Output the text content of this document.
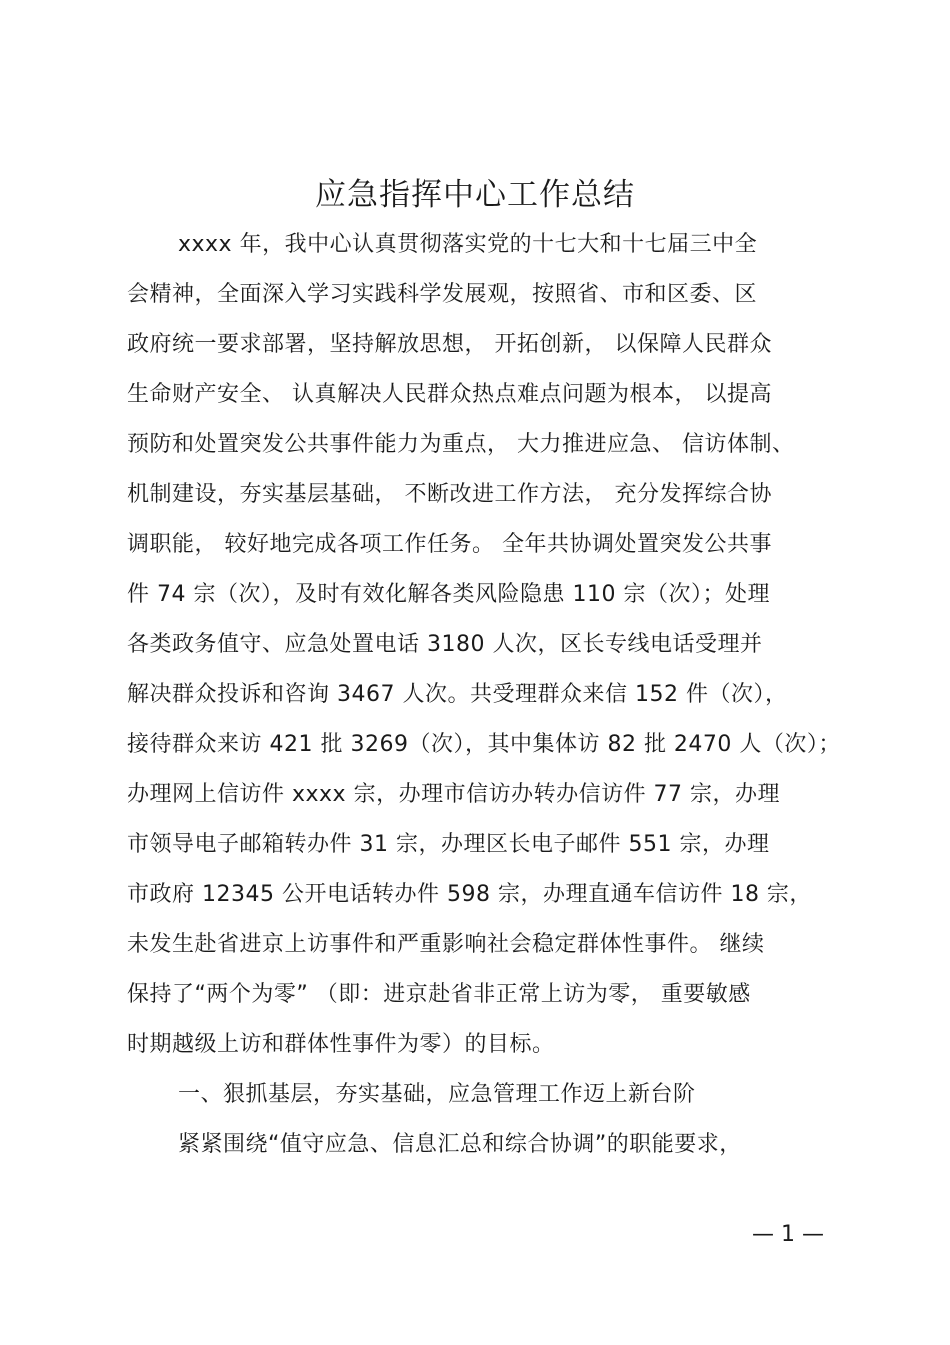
应急指挥中心工作总结
xxxx 年，我中心认真贯彻落实党的十七大和十七届三中全
会精神，全面深入学习实践科学发展观，按照省、市和区委、区
政府统一要求部署，坚持解放思想， 开拓创新， 以保障人民群众
生命财产安全、 认真解决人民群众热点难点问题为根本， 以提高
预防和处置突发公共事件能力为重点， 大力推进应急、 信访体制、
机制建设，夯实基层基础， 不断改进工作方法， 充分发挥综合协
调职能， 较好地完成各项工作任务。 全年共协调处置突发公共事
件 74 宗（次），及时有效化解各类风险隐患 110 宗（次）；处理
各类政务值守、应急处置电话 3180 人次，区长专线电话受理并
解决群众投诉和咨询 3467 人次。共受理群众来信 152 件（次），
接待群众来访 421 批 3269（次），其中集体访 82 批 2470 人（次）；
办理网上信访件 xxxx 宗，办理市信访办转办信访件 77 宗，办理
市领导电子邮箱转办件 31 宗，办理区长电子邮件 551 宗，办理
市政府 12345 公开电话转办件 598 宗，办理直通车信访件 18 宗，
未发生赴省进京上访事件和严重影响社会稳定群体性事件。 继续
保持了“两个为零” （即：进京赴省非正常上访为零， 重要敏感
时期越级上访和群体性事件为零）的目标。
一、狠抓基层，夯实基础，应急管理工作迈上新台阶
紧紧围绕“值守应急、信息汇总和综合协调”的职能要求，
— 1 —
